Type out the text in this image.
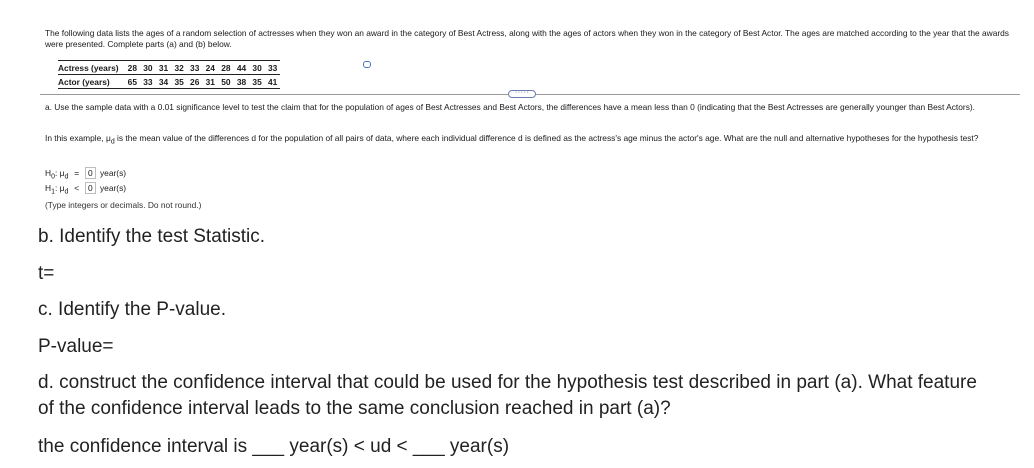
The following data lists the ages of a random selection of actresses when they won an award in the category of Best Actress, along with the ages of actors when they won in the category of Best Actor. The ages are matched according to the year that the awards were presented. Complete parts (a) and (b) below.
Actress (years)	28	30	31	32	33	24	28	44	30	33
Actor (years)	65	33	34	35	26	31	50	38	35	41
·····
a. Use the sample data with a 0.01 significance level to test the claim that for the population of ages of Best Actresses and Best Actors, the differences have a mean less than 0 (indicating that the Best Actresses are generally younger than Best Actors).
In this example, $\mu_d$ is the mean value of the differences d for the population of all pairs of data, where each individual difference d is defined as the actress's age minus the actor's age. What are the null and alternative hypotheses for the hypothesis test?
$H_0$: $\mu_d = 0$ year(s)
$H_1$: $\mu_d < 0$ year(s)
(Type integers or decimals. Do not round.)
b. Identify the test Statistic.
t=
c. Identify the P-value.
P-value=
d. construct the confidence interval that could be used for the hypothesis test described in part (a). What feature of the confidence interval leads to the same conclusion reached in part (a)?
the confidence interval is ___ year(s) < ud < ___ year(s)
